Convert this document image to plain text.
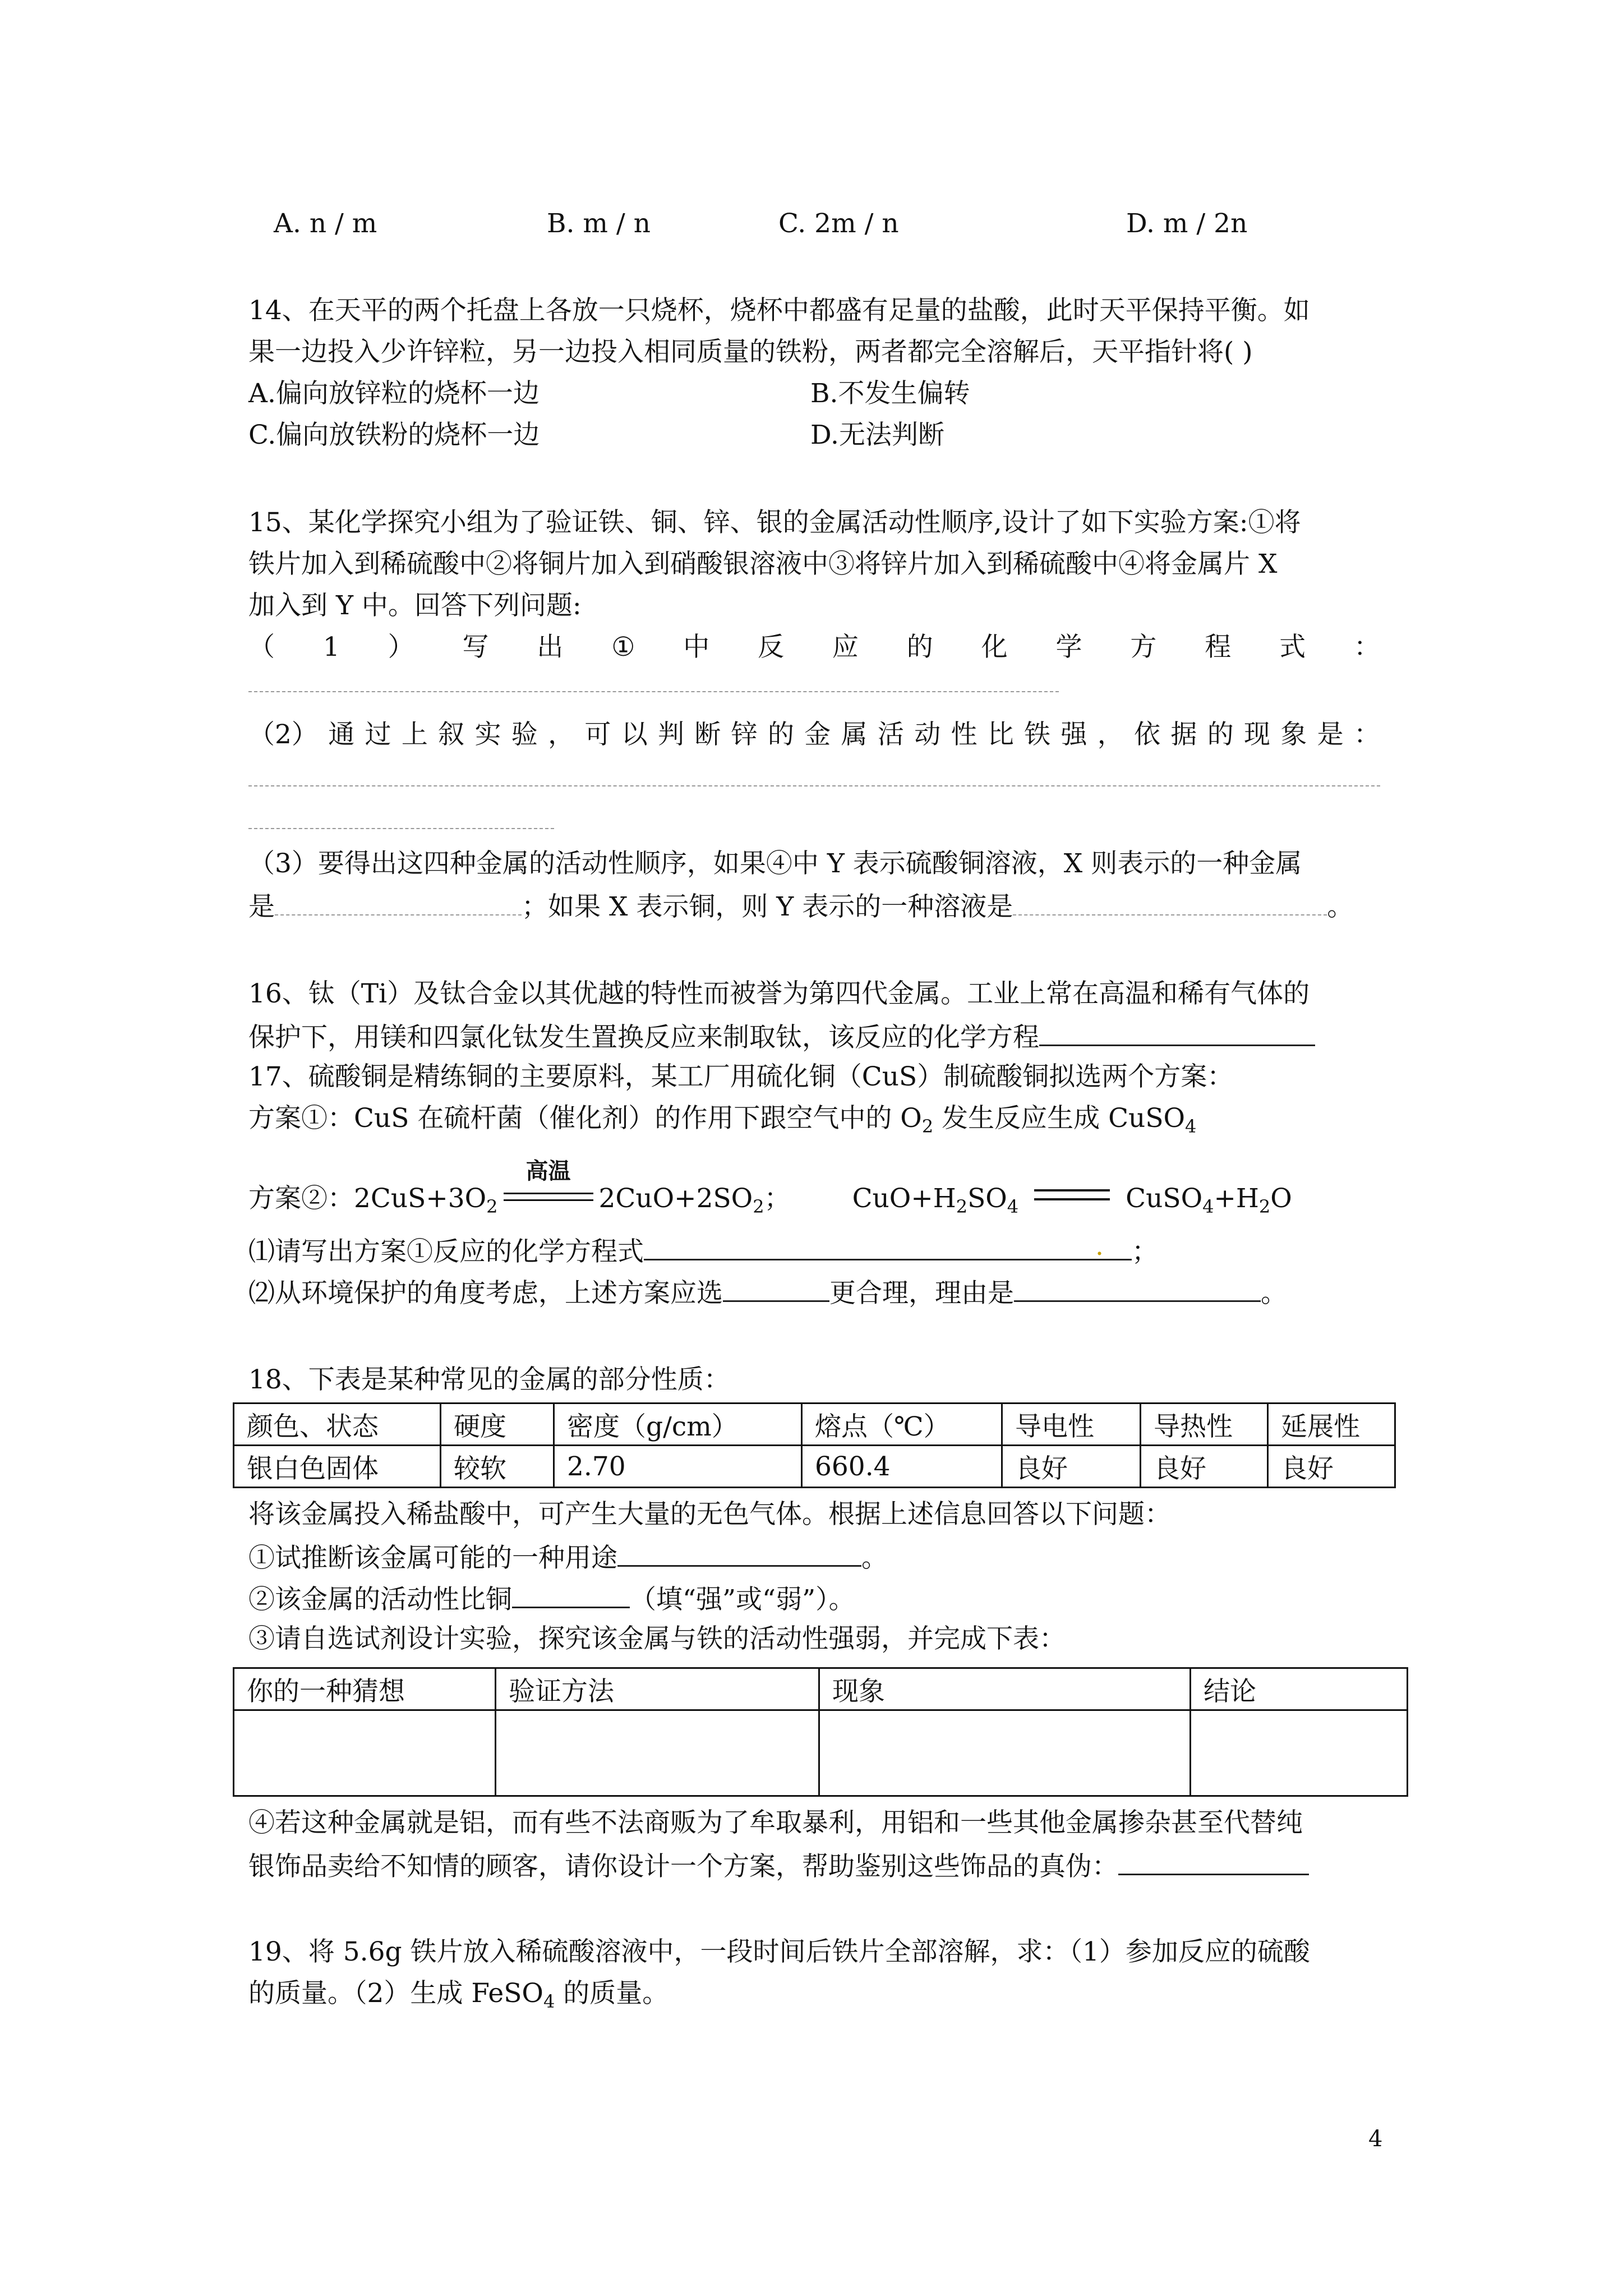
A. n / m	B. m / n	C. 2m / n	D. m / 2n
14、在天平的两个托盘上各放一只烧杯，烧杯中都盛有足量的盐酸，此时天平保持平衡。如
果一边投入少许锌粒，另一边投入相同质量的铁粉，两者都完全溶解后，天平指针将( )
A.偏向放锌粒的烧杯一边	B.不发生偏转
C.偏向放铁粉的烧杯一边	D.无法判断
15、某化学探究小组为了验证铁、铜、锌、银的金属活动性顺序,设计了如下实验方案:①将
铁片加入到稀硫酸中②将铜片加入到硝酸银溶液中③将锌片加入到稀硫酸中④将金属片 X
加入到 Y 中。回答下列问题:
（ 1 ） 写 出 ① 中 反 应 的 化 学 方 程 式 ：
（2） 通 过 上 叙 实 验 ， 可 以 判 断 锌 的 金 属 活 动 性 比 铁 强 ， 依 据 的 现 象 是 ：
（3）要得出这四种金属的活动性顺序，如果④中 Y 表示硫酸铜溶液，X 则表示的一种金属
是	；如果 X 表示铜，则 Y 表示的一种溶液是	。
16、钛（Ti）及钛合金以其优越的特性而被誉为第四代金属。工业上常在高温和稀有气体的
保护下，用镁和四氯化钛发生置换反应来制取钛，该反应的化学方程
17、硫酸铜是精练铜的主要原料，某工厂用硫化铜（CuS）制硫酸铜拟选两个方案：
方案①：CuS 在硫杆菌（催化剂）的作用下跟空气中的 $O_2$ 发生反应生成 CuSO$_4$
方案②：$2CuS+3O_2$
高温
$2CuO+2SO_2$； $CuO+H_2SO_4$	$CuSO_4+H_2O$
⑴请写出方案①反应的化学方程式	. ；
⑵从环境保护的角度考虑，上述方案应选	更合理，理由是	。
18、下表是某种常见的金属的部分性质：
颜色、状态	硬度	密度（g/cm）	熔点（℃）	导电性	导热性	延展性
银白色固体	较软	2.70	660.4	良好	良好	良好
将该金属投入稀盐酸中，可产生大量的无色气体。根据上述信息回答以下问题：
①试推断该金属可能的一种用途	。
②该金属的活动性比铜	（填“强”或“弱”）。
③请自选试剂设计实验，探究该金属与铁的活动性强弱，并完成下表：
你的一种猜想	验证方法	现象	结论

④若这种金属就是铝，而有些不法商贩为了牟取暴利，用铝和一些其他金属掺杂甚至代替纯
银饰品卖给不知情的顾客，请你设计一个方案，帮助鉴别这些饰品的真伪：
19、将 5.6g 铁片放入稀硫酸溶液中，一段时间后铁片全部溶解，求：（1）参加反应的硫酸
的质量。（2）生成 FeSO$_4$ 的质量。
4
